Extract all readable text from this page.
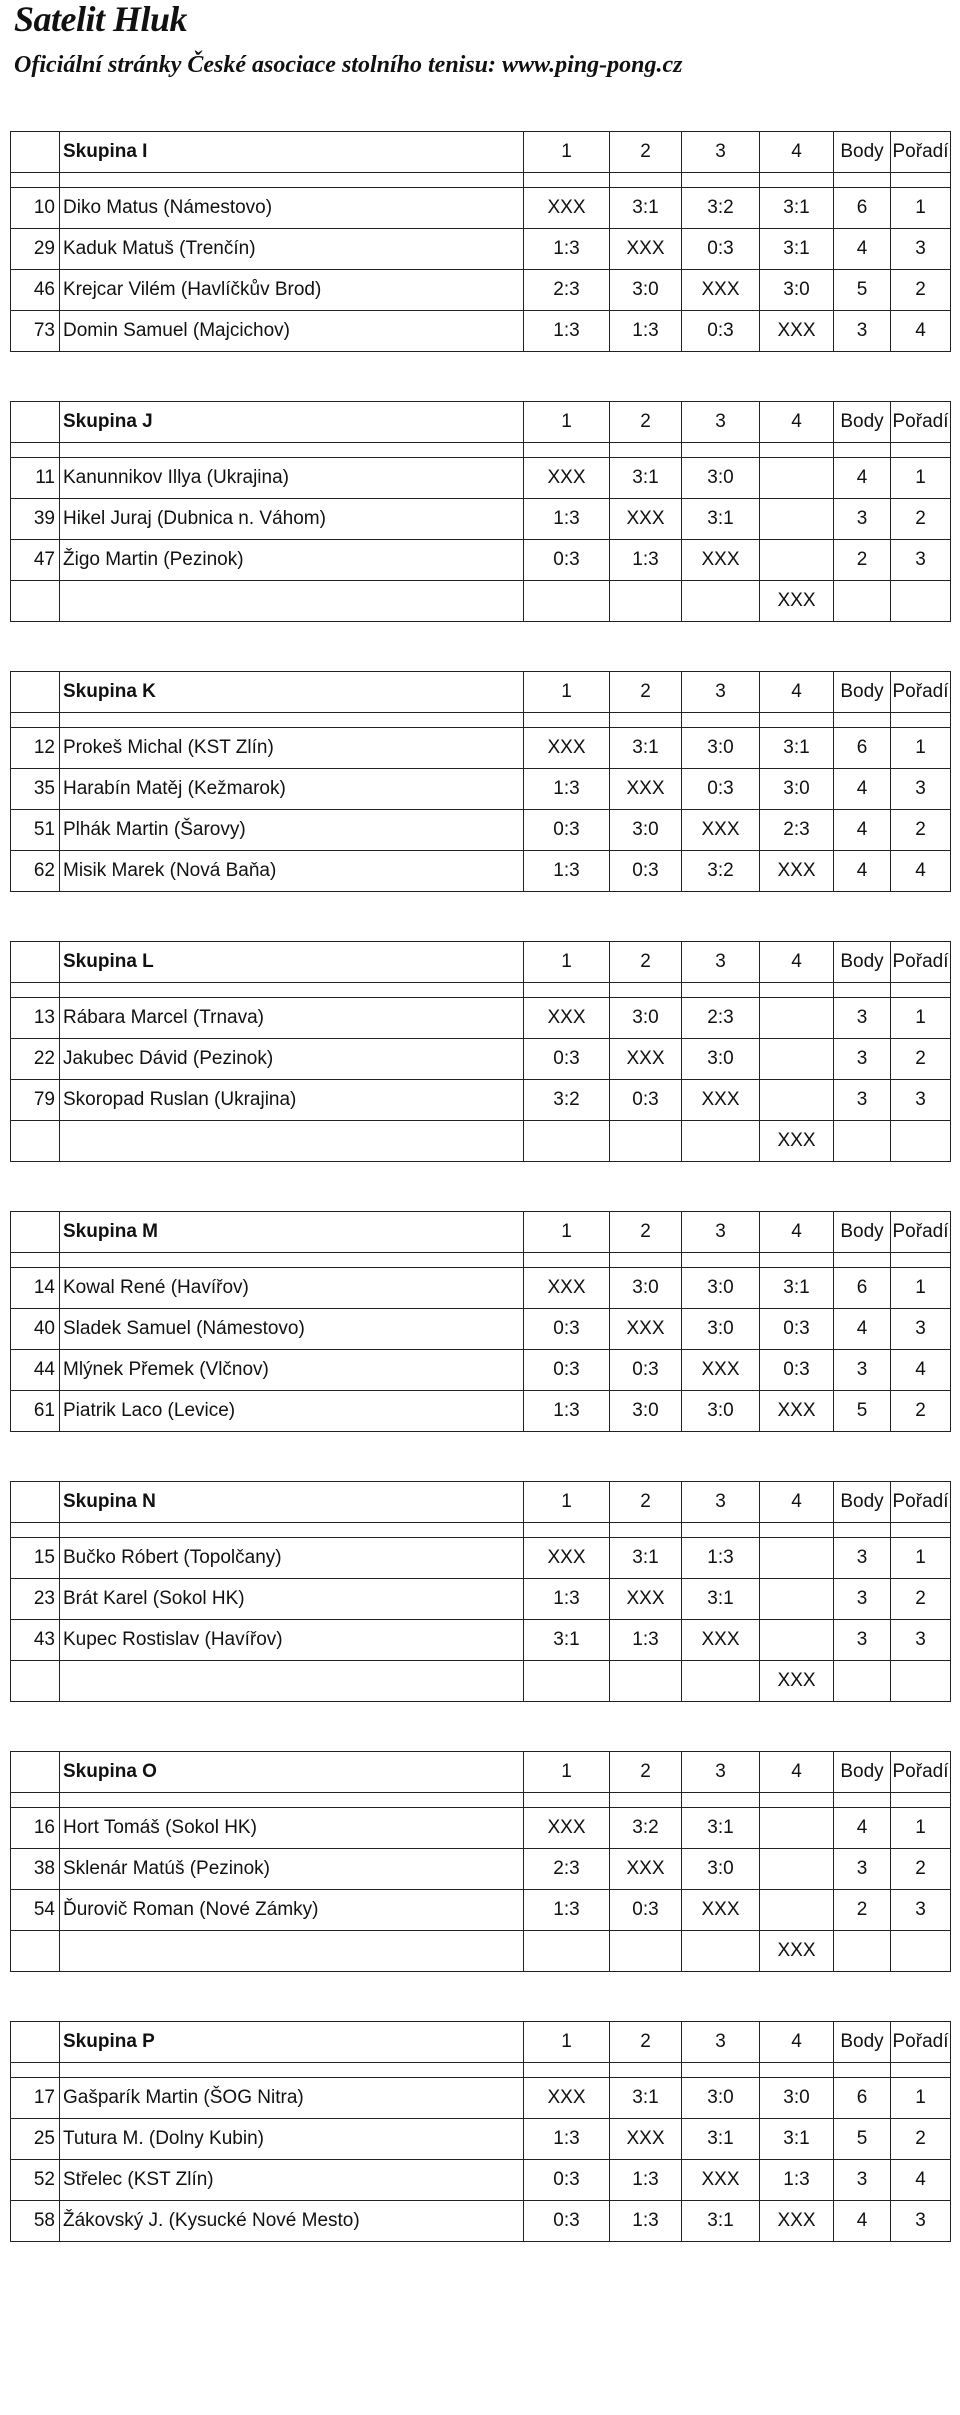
Satelit Hluk
Oficiální stránky České asociace stolního tenisu: www.ping-pong.cz
	Skupina I	1	2	3	4	Body	Pořadí

10	Diko Matus (Námestovo)	XXX	3:1	3:2	3:1	6	1
29	Kaduk Matuš (Trenčín)	1:3	XXX	0:3	3:1	4	3
46	Krejcar Vilém (Havlíčkův Brod)	2:3	3:0	XXX	3:0	5	2
73	Domin Samuel (Majcichov)	1:3	1:3	0:3	XXX	3	4
	Skupina J	1	2	3	4	Body	Pořadí

11	Kanunnikov Illya (Ukrajina)	XXX	3:1	3:0		4	1
39	Hikel Juraj (Dubnica n. Váhom)	1:3	XXX	3:1		3	2
47	Žigo Martin (Pezinok)	0:3	1:3	XXX		2	3
					XXX		
	Skupina K	1	2	3	4	Body	Pořadí

12	Prokeš Michal (KST Zlín)	XXX	3:1	3:0	3:1	6	1
35	Harabín Matěj (Kežmarok)	1:3	XXX	0:3	3:0	4	3
51	Plhák Martin (Šarovy)	0:3	3:0	XXX	2:3	4	2
62	Misik Marek (Nová Baňa)	1:3	0:3	3:2	XXX	4	4
	Skupina L	1	2	3	4	Body	Pořadí

13	Rábara Marcel (Trnava)	XXX	3:0	2:3		3	1
22	Jakubec Dávid (Pezinok)	0:3	XXX	3:0		3	2
79	Skoropad Ruslan (Ukrajina)	3:2	0:3	XXX		3	3
					XXX		
	Skupina M	1	2	3	4	Body	Pořadí

14	Kowal René (Havířov)	XXX	3:0	3:0	3:1	6	1
40	Sladek Samuel (Námestovo)	0:3	XXX	3:0	0:3	4	3
44	Mlýnek Přemek (Vlčnov)	0:3	0:3	XXX	0:3	3	4
61	Piatrik Laco (Levice)	1:3	3:0	3:0	XXX	5	2
	Skupina N	1	2	3	4	Body	Pořadí

15	Bučko Róbert (Topolčany)	XXX	3:1	1:3		3	1
23	Brát Karel (Sokol HK)	1:3	XXX	3:1		3	2
43	Kupec Rostislav (Havířov)	3:1	1:3	XXX		3	3
					XXX		
	Skupina O	1	2	3	4	Body	Pořadí

16	Hort Tomáš (Sokol HK)	XXX	3:2	3:1		4	1
38	Sklenár Matúš (Pezinok)	2:3	XXX	3:0		3	2
54	Ďurovič Roman (Nové Zámky)	1:3	0:3	XXX		2	3
					XXX		
	Skupina P	1	2	3	4	Body	Pořadí

17	Gašparík Martin (ŠOG Nitra)	XXX	3:1	3:0	3:0	6	1
25	Tutura M. (Dolny Kubin)	1:3	XXX	3:1	3:1	5	2
52	Střelec (KST Zlín)	0:3	1:3	XXX	1:3	3	4
58	Žákovský J. (Kysucké Nové Mesto)	0:3	1:3	3:1	XXX	4	3
